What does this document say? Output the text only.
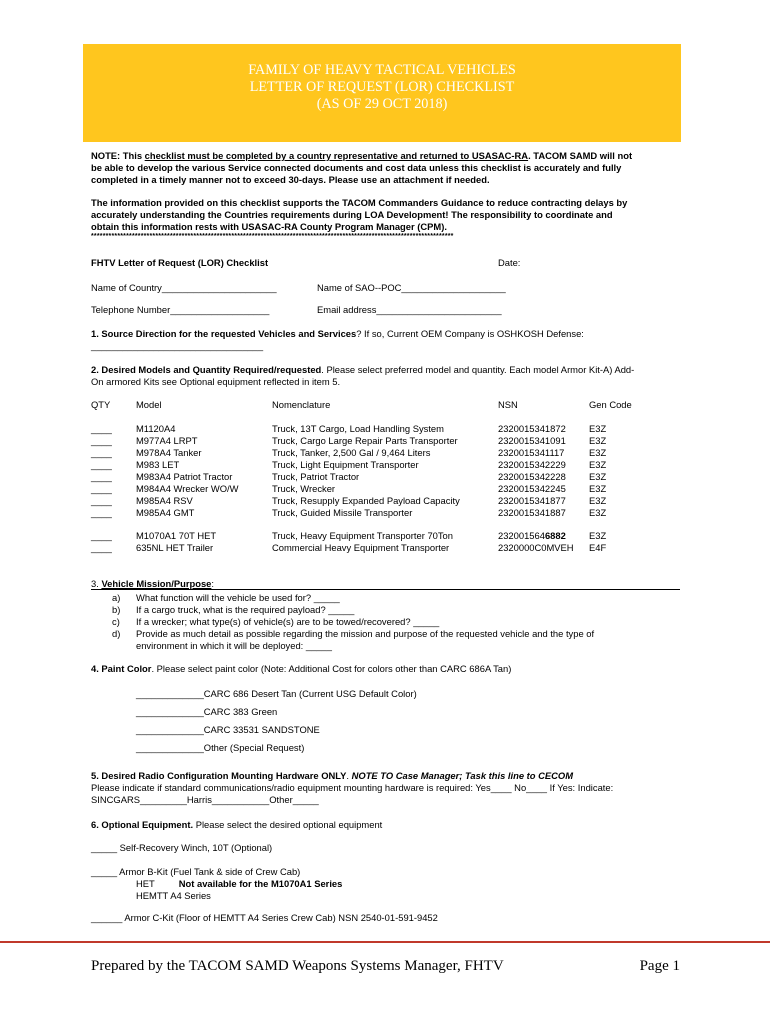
FAMILY OF HEAVY TACTICAL VEHICLES
LETTER OF REQUEST (LOR) CHECKLIST
(AS OF 29 OCT 2018)
NOTE: This checklist must be completed by a country representative and returned to USASAC-RA. TACOM SAMD will not
be able to develop the various Service connected documents and cost data unless this checklist is accurately and fully
completed in a timely manner not to exceed 30-days. Please use an attachment if needed.
The information provided on this checklist supports the TACOM Commanders Guidance to reduce contracting delays by
accurately understanding the Countries requirements during LOA Development! The responsibility to coordinate and
obtain this information rests with USASAC-RA County Program Manager (CPM).
****************************************************************************************************************************
FHTV Letter of Request (LOR) Checklist	Date:
Name of Country______________________	Name of SAO--POC____________________
Telephone Number___________________	Email address________________________
1. Source Direction for the requested Vehicles and Services? If so, Current OEM Company is OSHKOSH Defense:
_________________________________
2. Desired Models and Quantity Required/requested. Please select preferred model and quantity. Each model Armor Kit-A) Add-
On armored Kits see Optional equipment reflected in item 5.
QTY	Model	Nomenclature	NSN	Gen Code
____	M1120A4	Truck, 13T Cargo, Load Handling System	2320015341872 E3Z
____	M977A4 LRPT	Truck, Cargo Large Repair Parts Transporter	2320015341091 E3Z
____	M978A4 Tanker	Truck, Tanker, 2,500 Gal / 9,464 Liters	2320015341117	E3Z
____	M983 LET	Truck, Light Equipment Transporter	2320015342229 E3Z
____	M983A4 Patriot Tractor	Truck, Patriot Tractor	2320015342228 E3Z
____	M984A4 Wrecker WO/W	Truck, Wrecker	2320015342245 E3Z
____	M985A4 RSV	Truck, Resupply Expanded Payload Capacity	2320015341877 E3Z
____	M985A4 GMT	Truck, Guided Missile Transporter	2320015341887 E3Z
____	M1070A1 70T HET	Truck, Heavy Equipment Transporter 70Ton	2320015646882 E3Z
____	635NL HET Trailer	Commercial Heavy Equipment Transporter	2320000C0MVEH E4F
3. Vehicle Mission/Purpose:
a) What function will the vehicle be used for? _____
b) If a cargo truck, what is the required payload? _____
c) If a wrecker; what type(s) of vehicle(s) are to be towed/recovered? _____
d) Provide as much detail as possible regarding the mission and purpose of the requested vehicle and the type of
environment in which it will be deployed: _____
4. Paint Color. Please select paint color (Note: Additional Cost for colors other than CARC 686A Tan)
_____________CARC 686 Desert Tan (Current USG Default Color)
_____________CARC 383 Green
_____________CARC 33531 SANDSTONE
_____________Other (Special Request)
5. Desired Radio Configuration Mounting Hardware ONLY. NOTE TO Case Manager; Task this line to CECOM
Please indicate if standard communications/radio equipment mounting hardware is required: Yes____ No____ If Yes: Indicate:
SINCGARS_________Harris___________Other_____
6. Optional Equipment. Please select the desired optional equipment
_____ Self-Recovery Winch, 10T (Optional)
_____ Armor B-Kit (Fuel Tank & side of Crew Cab)
HET	Not available for the M1070A1 Series
HEMTT A4 Series
______ Armor C-Kit (Floor of HEMTT A4 Series Crew Cab) NSN 2540-01-591-9452
Prepared by the TACOM SAMD Weapons Systems Manager, FHTV	Page 1
